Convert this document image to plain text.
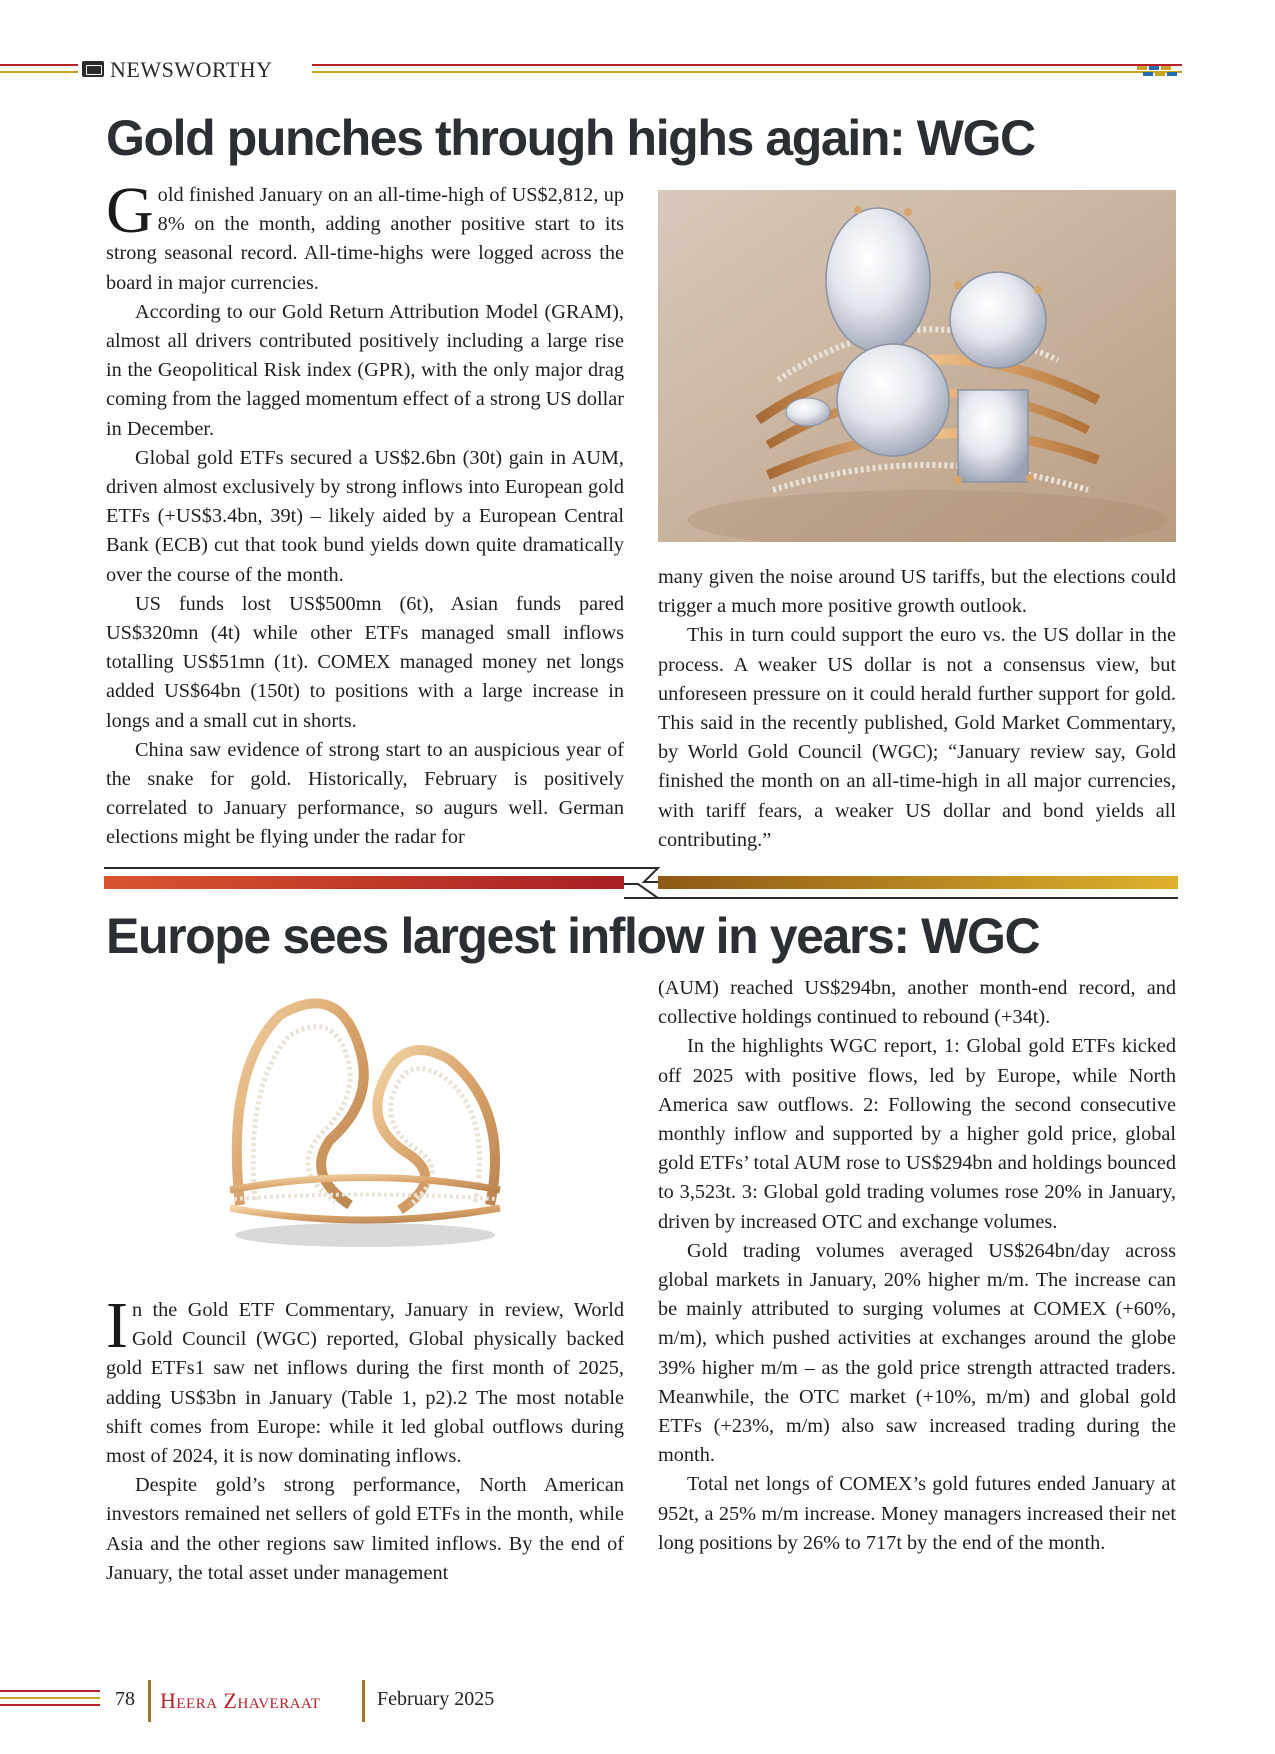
NEWSWORTHY
Gold punches through highs again: WGC

Gold finished January on an all-time-high of US$2,812, up 8% on the month, adding another positive start to its strong seasonal record. All-time-highs were logged across the board in major currencies.

According to our Gold Return Attribution Model (GRAM), almost all drivers contributed positively including a large rise in the Geopolitical Risk index (GPR), with the only major drag coming from the lagged momentum effect of a strong US dollar in December.

Global gold ETFs secured a US$2.6bn (30t) gain in AUM, driven almost exclusively by strong inflows into European gold ETFs (+US$3.4bn, 39t) – likely aided by a European Central Bank (ECB) cut that took bund yields down quite dramatically over the course of the month.

US funds lost US$500mn (6t), Asian funds pared US$320mn (4t) while other ETFs managed small inflows totalling US$51mn (1t). COMEX managed money net longs added US$64bn (150t) to positions with a large increase in longs and a small cut in shorts.

China saw evidence of strong start to an auspicious year of the snake for gold. Historically, February is positively correlated to January performance, so augurs well. German elections might be flying under the radar for

many given the noise around US tariffs, but the elections could trigger a much more positive growth outlook.

This in turn could support the euro vs. the US dollar in the process. A weaker US dollar is not a consensus view, but unforeseen pressure on it could herald further support for gold. This said in the recently published, Gold Market Commentary, by World Gold Council (WGC); “January review say, Gold finished the month on an all-time-high in all major currencies, with tariff fears, a weaker US dollar and bond yields all contributing.”

Europe sees largest inflow in years: WGC

In the Gold ETF Commentary, January in review, World Gold Council (WGC) reported, Global physically backed gold ETFs1 saw net inflows during the first month of 2025, adding US$3bn in January (Table 1, p2).2 The most notable shift comes from Europe: while it led global outflows during most of 2024, it is now dominating inflows.

Despite gold’s strong performance, North American investors remained net sellers of gold ETFs in the month, while Asia and the other regions saw limited inflows. By the end of January, the total asset under management

(AUM) reached US$294bn, another month-end record, and collective holdings continued to rebound (+34t).

In the highlights WGC report, 1: Global gold ETFs kicked off 2025 with positive flows, led by Europe, while North America saw outflows. 2: Following the second consecutive monthly inflow and supported by a higher gold price, global gold ETFs’ total AUM rose to US$294bn and holdings bounced to 3,523t. 3: Global gold trading volumes rose 20% in January, driven by increased OTC and exchange volumes.

Gold trading volumes averaged US$264bn/day across global markets in January, 20% higher m/m. The increase can be mainly attributed to surging volumes at COMEX (+60%, m/m), which pushed activities at exchanges around the globe 39% higher m/m – as the gold price strength attracted traders. Meanwhile, the OTC market (+10%, m/m) and global gold ETFs (+23%, m/m) also saw increased trading during the month.

Total net longs of COMEX’s gold futures ended January at 952t, a 25% m/m increase. Money managers increased their net long positions by 26% to 717t by the end of the month.

78 Heera Zhaveraat	February 2025
